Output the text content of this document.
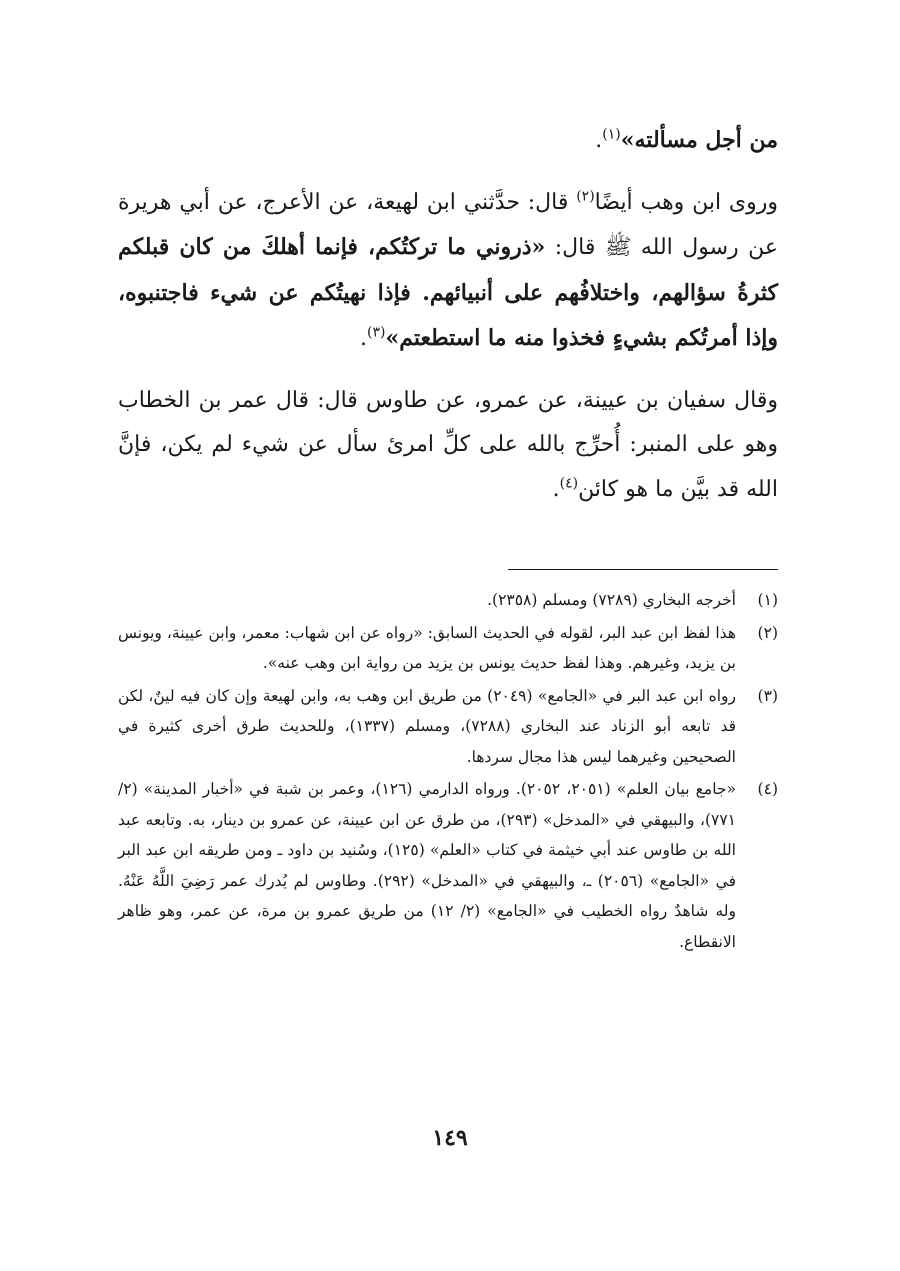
من أجل مسألته»$^{(١)}$.

وروى ابن وهب أيضًا$^{(٢)}$ قال: حدَّثني ابن لهيعة، عن الأعرج، عن أبي هريرة عن رسول الله ﷺ قال: «ذروني ما تركتُكم، فإنما أهلكَ من كان قبلكم كثرةُ سؤالهم، واختلافُهم على أنبيائهم. فإذا نهيتُكم عن شيء فاجتنبوه، وإذا أمرتُكم بشيءٍ فخذوا منه ما استطعتم»$^{(٣)}$.

وقال سفيان بن عيينة، عن عمرو، عن طاوس قال: قال عمر بن الخطاب وهو على المنبر: أُحرِّج بالله على كلِّ امرئ سأل عن شيء لم يكن، فإنَّ الله قد بيَّن ما هو كائن$^{(٤)}$.

(١)
أخرجه البخاري (٧٢٨٩) ومسلم (٢٣٥٨).
(٢)
هذا لفظ ابن عبد البر، لقوله في الحديث السابق: «رواه عن ابن شهاب: معمر، وابن عيينة، ويونس بن يزيد، وغيرهم. وهذا لفظ حديث يونس بن يزيد من رواية ابن وهب عنه».
(٣)
رواه ابن عبد البر في «الجامع» (٢٠٤٩) من طريق ابن وهب به، وابن لهيعة وإن كان فيه لينٌ، لكن قد تابعه أبو الزناد عند البخاري (٧٢٨٨)، ومسلم (١٣٣٧)، وللحديث طرق أخرى كثيرة في الصحيحين وغيرهما ليس هذا مجال سردها.
(٤)
«جامع بيان العلم» (٢٠٥١، ٢٠٥٢). ورواه الدارمي (١٢٦)، وعمر بن شبة في «أخبار المدينة» (٢/ ٧٧١)، والبيهقي في «المدخل» (٢٩٣)، من طرق عن ابن عيينة، عن عمرو بن دينار، به. وتابعه عبد الله بن طاوس عند أبي خيثمة في كتاب «العلم» (١٢٥)، وسُنيد بن داود ـ ومن طريقه ابن عبد البر في «الجامع» (٢٠٥٦) ـ، والبيهقي في «المدخل» (٢٩٢). وطاوس لم يُدرك عمر رَضِيَ اللَّهُ عَنْهُ. وله شاهدٌ رواه الخطيب في «الجامع» (٢/ ١٢) من طريق عمرو بن مرة، عن عمر، وهو ظاهر الانقطاع.
١٤٩
